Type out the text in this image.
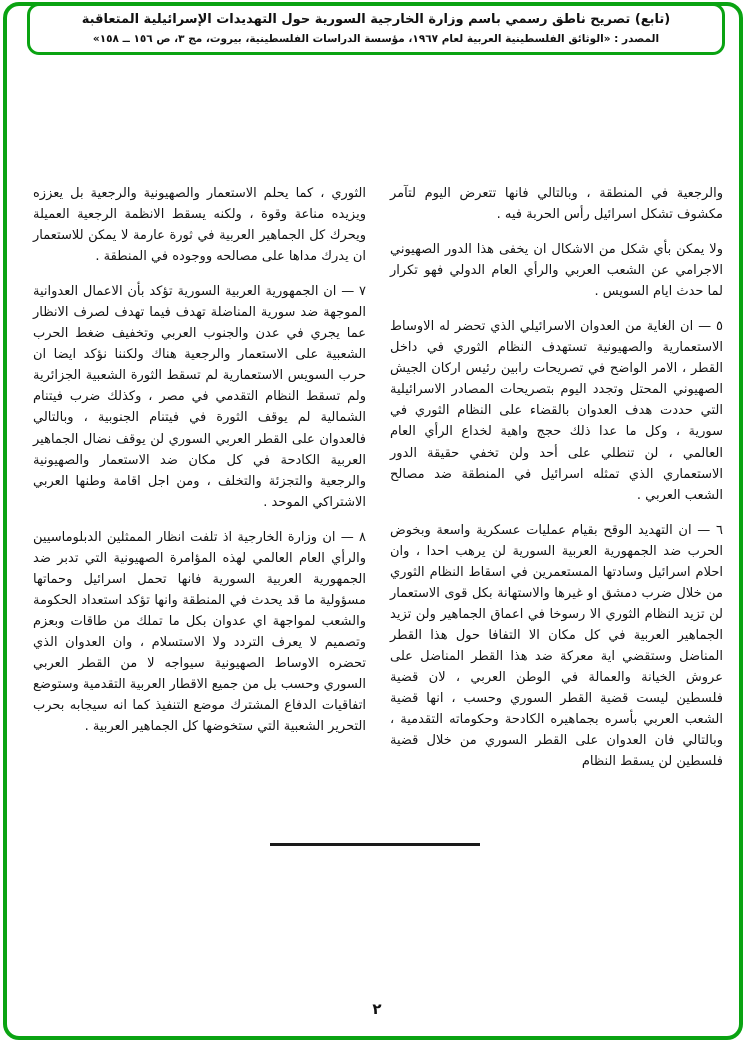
(تابع) تصريح ناطق رسمي باسم وزارة الخارجية السورية حول التهديدات الإسرائيلية المتعاقبة
المصدر : «الوثائق الفلسطينية العربية لعام ١٩٦٧، مؤسسة الدراسات الفلسطينية، بيروت، مج ٣، ص ١٥٦ ــ ١٥٨»

والرجعية في المنطقة ، وبالتالي فانها تتعرض اليوم لتآمر مكشوف تشكل اسرائيل رأس الحربة فيه .

ولا يمكن بأي شكل من الاشكال ان يخفى هذا الدور الصهيوني الاجرامي عن الشعب العربي والرأي العام الدولي فهو تكرار لما حدث ايام السويس .

٥ — ان الغاية من العدوان الاسرائيلي الذي تحضر له الاوساط الاستعمارية والصهيونية تستهدف النظام الثوري في داخل القطر ، الامر الواضح في تصريحات رابين رئيس اركان الجيش الصهيوني المحتل وتجدد اليوم بتصريحات المصادر الاسرائيلية التي حددت هدف العدوان بالقضاء على النظام الثوري في سورية ، وكل ما عدا ذلك حجج واهية لخداع الرأي العام العالمي ، لن تنطلي على أحد ولن تخفي حقيقة الدور الاستعماري الذي تمثله اسرائيل في المنطقة ضد مصالح الشعب العربي .

٦ — ان التهديد الوقح بقيام عمليات عسكرية واسعة وبخوض الحرب ضد الجمهورية العربية السورية لن يرهب احدا ، وان احلام اسرائيل وسادتها المستعمرين في اسقاط النظام الثوري من خلال ضرب دمشق او غيرها والاستهانة بكل قوى الاستعمار لن تزيد النظام الثوري الا رسوخا في اعماق الجماهير ولن تزيد الجماهير العربية في كل مكان الا التفافا حول هذا القطر المناضل وستقضي اية معركة ضد هذا القطر المناضل على عروش الخيانة والعمالة في الوطن العربي ، لان قضية فلسطين ليست قضية القطر السوري وحسب ، انها قضية الشعب العربي بأسره بجماهيره الكادحة وحكوماته التقدمية ، وبالتالي فان العدوان على القطر السوري من خلال قضية فلسطين لن يسقط النظام

الثوري ، كما يحلم الاستعمار والصهيونية والرجعية بل يعززه ويزيده مناعة وقوة ، ولكنه يسقط الانظمة الرجعية العميلة ويحرك كل الجماهير العربية في ثورة عارمة لا يمكن للاستعمار ان يدرك مداها على مصالحه ووجوده في المنطقة .

٧ — ان الجمهورية العربية السورية تؤكد بأن الاعمال العدوانية الموجهة ضد سورية المناضلة تهدف فيما تهدف لصرف الانظار عما يجري في عدن والجنوب العربي وتخفيف ضغط الحرب الشعبية على الاستعمار والرجعية هناك ولكننا نؤكد ايضا ان حرب السويس الاستعمارية لم تسقط الثورة الشعبية الجزائرية ولم تسقط النظام التقدمي في مصر ، وكذلك ضرب فيتنام الشمالية لم يوقف الثورة في فيتنام الجنوبية ، وبالتالي فالعدوان على القطر العربي السوري لن يوقف نضال الجماهير العربية الكادحة في كل مكان ضد الاستعمار والصهيونية والرجعية والتجزئة والتخلف ، ومن اجل اقامة وطنها العربي الاشتراكي الموحد .

٨ — ان وزارة الخارجية اذ تلفت انظار الممثلين الدبلوماسيين والرأي العام العالمي لهذه المؤامرة الصهيونية التي تدبر ضد الجمهورية العربية السورية فانها تحمل اسرائيل وحماتها مسؤولية ما قد يحدث في المنطقة وانها تؤكد استعداد الحكومة والشعب لمواجهة اي عدوان بكل ما تملك من طاقات وبعزم وتصميم لا يعرف التردد ولا الاستسلام ، وان العدوان الذي تحضره الاوساط الصهيونية سيواجه لا من القطر العربي السوري وحسب بل من جميع الاقطار العربية التقدمية وستوضع اتفاقيات الدفاع المشترك موضع التنفيذ كما انه سيجابه بحرب التحرير الشعبية التي ستخوضها كل الجماهير العربية .

٢
